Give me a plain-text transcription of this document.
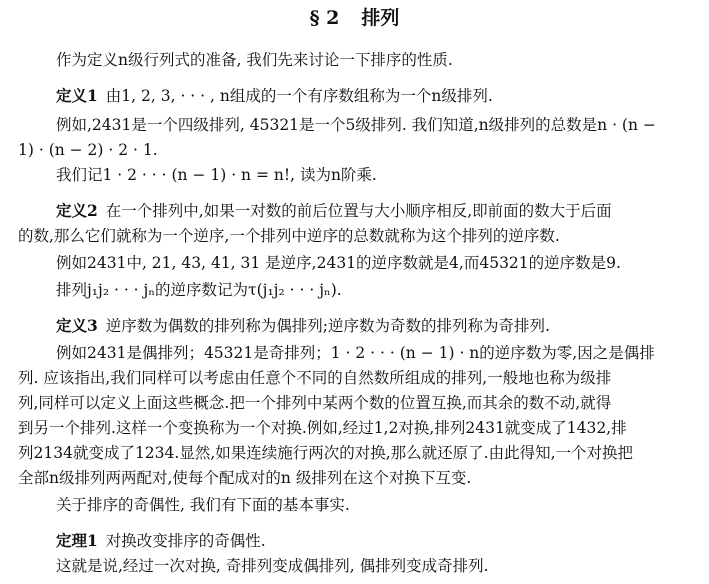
§ 2 排列
作为定义n级行列式的准备, 我们先来讨论一下排序的性质.
定义1 由1, 2, 3, · · · , n组成的一个有序数组称为一个n级排列.
例如,2431是一个四级排列, 45321是一个5级排列. 我们知道,n级排列的总数是n · (n −
1) · (n − 2) · 2 · 1.
我们记1 · 2 · · · (n − 1) · n = n!, 读为n阶乘.
定义2 在一个排列中,如果一对数的前后位置与大小顺序相反,即前面的数大于后面
的数,那么它们就称为一个逆序,一个排列中逆序的总数就称为这个排列的逆序数.
例如2431中, 21, 43, 41, 31 是逆序,2431的逆序数就是4,而45321的逆序数是9.
排列j₁j₂ · · · jₙ的逆序数记为τ(j₁j₂ · · · jₙ).
定义3 逆序数为偶数的排列称为偶排列;逆序数为奇数的排列称为奇排列.
例如2431是偶排列；45321是奇排列；1 · 2 · · · (n − 1) · n的逆序数为零,因之是偶排
列. 应该指出,我们同样可以考虑由任意个不同的自然数所组成的排列,一般地也称为级排
列,同样可以定义上面这些概念.把一个排列中某两个数的位置互换,而其余的数不动,就得
到另一个排列.这样一个变换称为一个对换.例如,经过1,2对换,排列2431就变成了1432,排
列2134就变成了1234.显然,如果连续施行两次的对换,那么就还原了.由此得知,一个对换把
全部n级排列两两配对,使每个配成对的n 级排列在这个对换下互变.
关于排序的奇偶性, 我们有下面的基本事实.
定理1 对换改变排序的奇偶性.
这就是说,经过一次对换, 奇排列变成偶排列, 偶排列变成奇排列.
